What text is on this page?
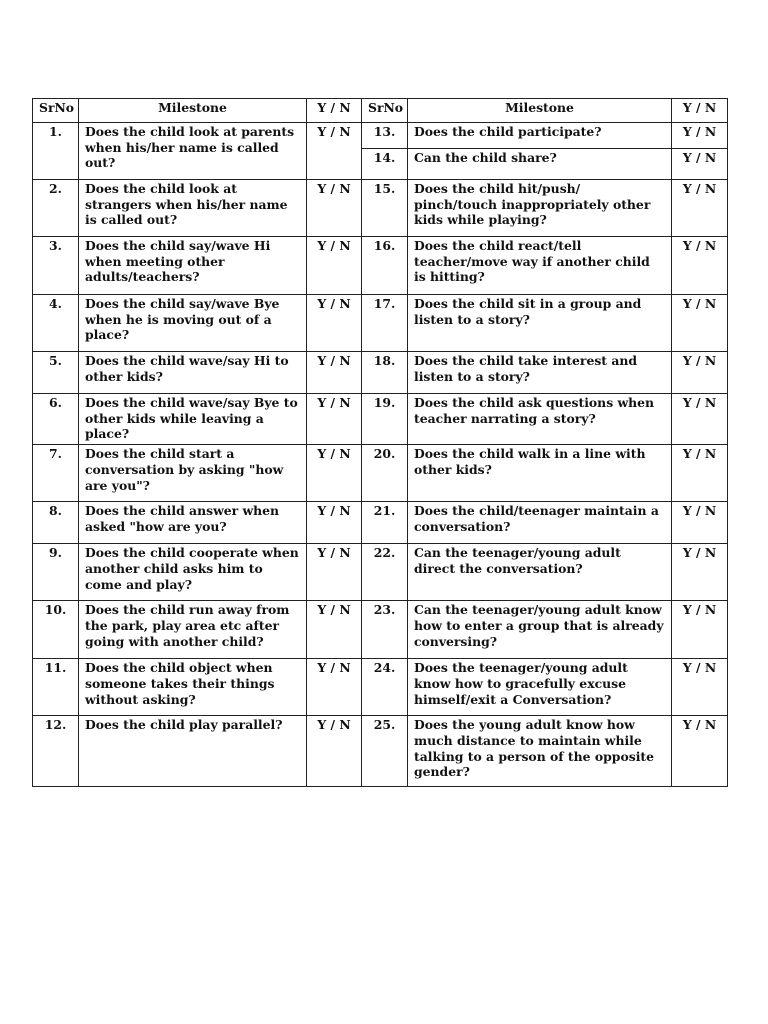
SrNo	Milestone	Y / N	SrNo	Milestone	Y / N
1.	Does the child look at parents when his/her name is called out?	Y / N	13.	Does the child participate?	Y / N
			14.	Can the child share?	Y / N
2.	Does the child look at strangers when his/her name is called out?	Y / N	15.	Does the child hit/push/ pinch/touch inappropriately other kids while playing?	Y / N
3.	Does the child say/wave Hi when meeting other adults/teachers?	Y / N	16.	Does the child react/tell teacher/move way if another child is hitting?	Y / N
4.	Does the child say/wave Bye when he is moving out of a place?	Y / N	17.	Does the child sit in a group and listen to a story?	Y / N
5.	Does the child wave/say Hi to other kids?	Y / N	18.	Does the child take interest and listen to a story?	Y / N
6.	Does the child wave/say Bye to other kids while leaving a place?	Y / N	19.	Does the child ask questions when teacher narrating a story?	Y / N
7.	Does the child start a conversation by asking "how are you"?	Y / N	20.	Does the child walk in a line with other kids?	Y / N
8.	Does the child answer when asked "how are you?	Y / N	21.	Does the child/teenager maintain a conversation?	Y / N
9.	Does the child cooperate when another child asks him to come and play?	Y / N	22.	Can the teenager/young adult direct the conversation?	Y / N
10.	Does the child run away from the park, play area etc after going with another child?	Y / N	23.	Can the teenager/young adult know how to enter a group that is already conversing?	Y / N
11.	Does the child object when someone takes their things without asking?	Y / N	24.	Does the teenager/young adult know how to gracefully excuse himself/exit a Conversation?	Y / N
12.	Does the child play parallel?	Y / N	25.	Does the young adult know how much distance to maintain while talking to a person of the opposite gender?	Y / N
